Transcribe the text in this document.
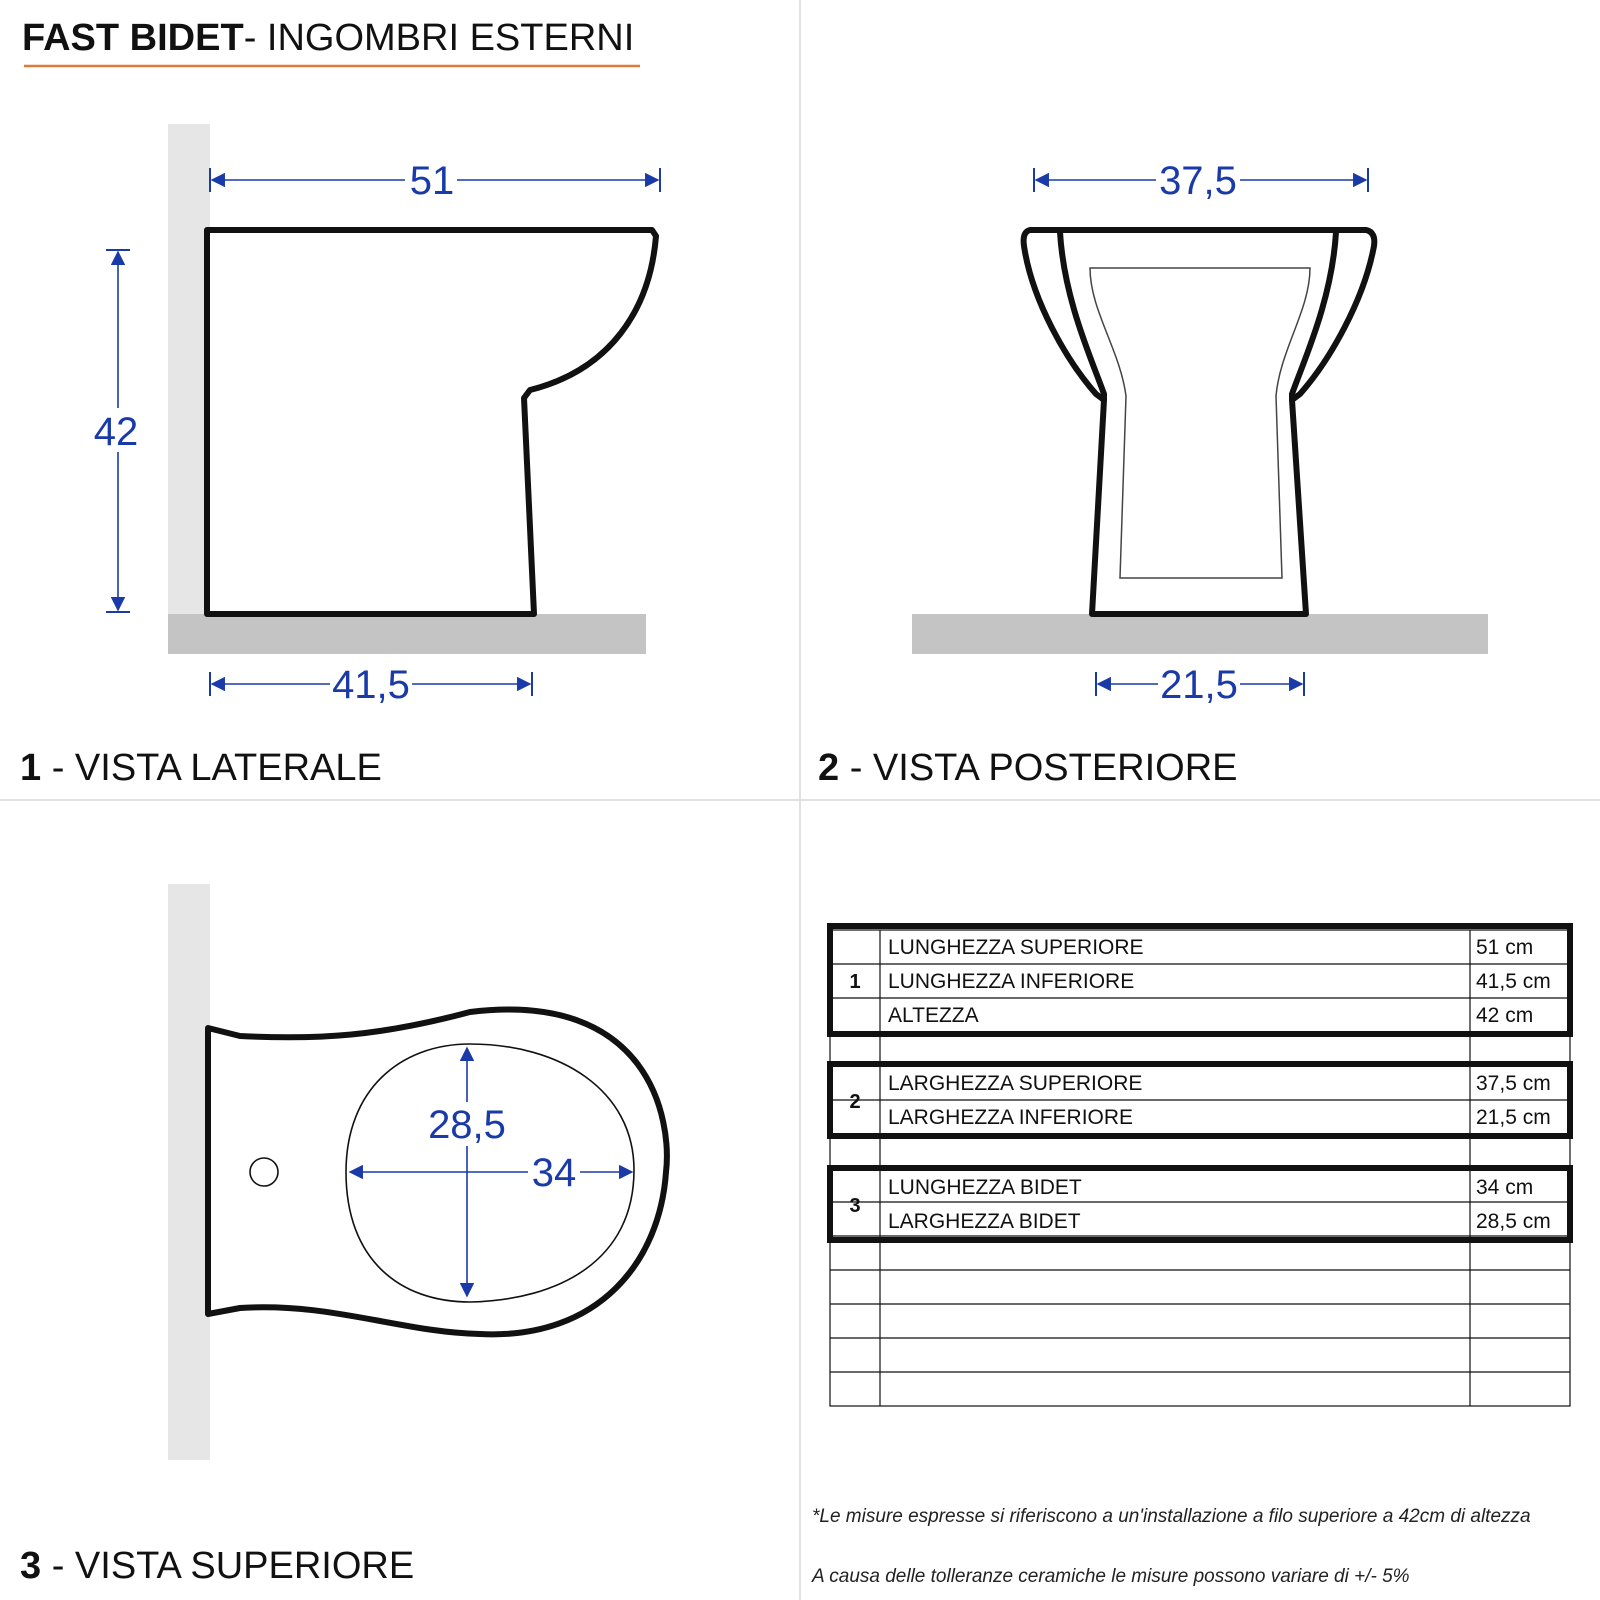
FAST BIDET- INGOMBRI ESTERNI
51
42
41,5
1 - VISTA LATERALE
37,5
21,5
2 - VISTA POSTERIORE
28,5
34
3 - VISTA SUPERIORE
1
LUNGHEZZA SUPERIORE	51 cm
LUNGHEZZA INFERIORE	41,5 cm
ALTEZZA	42 cm
2
LARGHEZZA SUPERIORE	37,5 cm
LARGHEZZA INFERIORE	21,5 cm
3
LUNGHEZZA BIDET	34 cm
LARGHEZZA BIDET	28,5 cm
*Le misure espresse si riferiscono a un'installazione a filo superiore a 42cm di altezza
A causa delle tolleranze ceramiche le misure possono variare di +/- 5%
